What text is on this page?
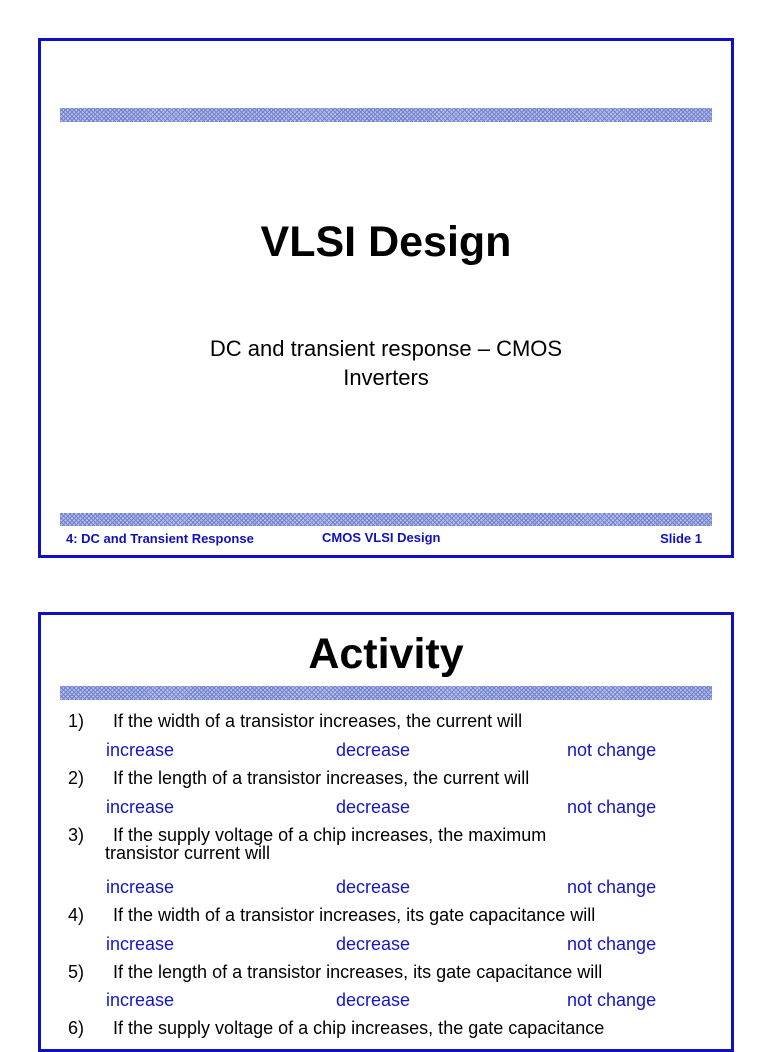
VLSI Design
DC and transient response – CMOS
Inverters
4: DC and Transient Response	CMOS VLSI Design	Slide 1
Activity
1)	If the width of a transistor increases, the current will
increase	decrease	not change
2)	If the length of a transistor increases, the current will
increase	decrease	not change
3)	If the supply voltage of a chip increases, the maximum
transistor current will
increase	decrease	not change
4)	If the width of a transistor increases, its gate capacitance will
increase	decrease	not change
5)	If the length of a transistor increases, its gate capacitance will
increase	decrease	not change
6)	If the supply voltage of a chip increases, the gate capacitance
